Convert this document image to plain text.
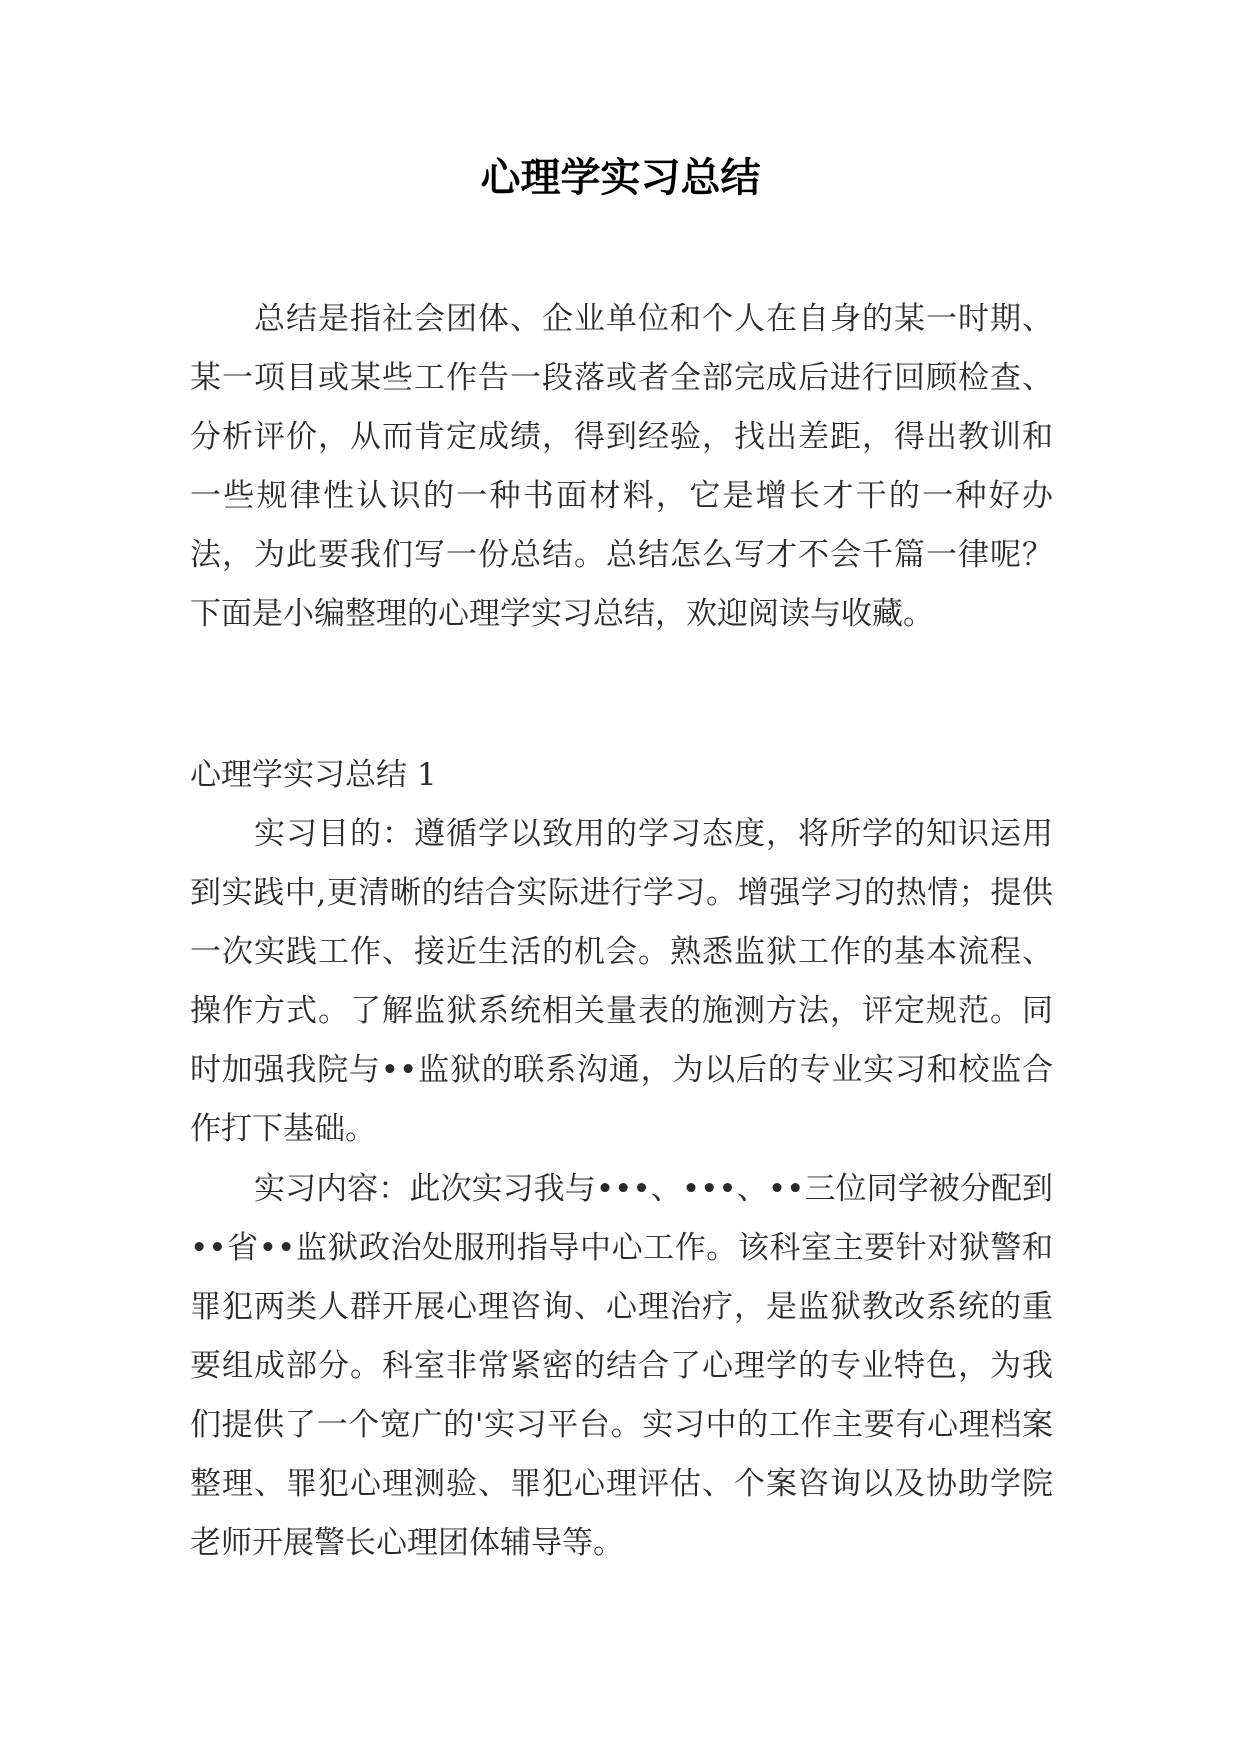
心理学实习总结

总结是指社会团体、企业单位和个人在自身的某一时期、某一项目或某些工作告一段落或者全部完成后进行回顾检查、分析评价，从而肯定成绩，得到经验，找出差距，得出教训和一些规律性认识的一种书面材料，它是增长才干的一种好办法，为此要我们写一份总结。总结怎么写才不会千篇一律呢？下面是小编整理的心理学实习总结，欢迎阅读与收藏。

心理学实习总结 1

实习目的：遵循学以致用的学习态度，将所学的知识运用到实践中,更清晰的结合实际进行学习。增强学习的热情；提供一次实践工作、接近生活的机会。熟悉监狱工作的基本流程、操作方式。了解监狱系统相关量表的施测方法，评定规范。同时加强我院与••监狱的联系沟通，为以后的专业实习和校监合作打下基础。

实习内容：此次实习我与•••、•••、••三位同学被分配到••省••监狱政治处服刑指导中心工作。该科室主要针对狱警和罪犯两类人群开展心理咨询、心理治疗，是监狱教改系统的重要组成部分。科室非常紧密的结合了心理学的专业特色，为我们提供了一个宽广的'实习平台。实习中的工作主要有心理档案整理、罪犯心理测验、罪犯心理评估、个案咨询以及协助学院老师开展警长心理团体辅导等。
